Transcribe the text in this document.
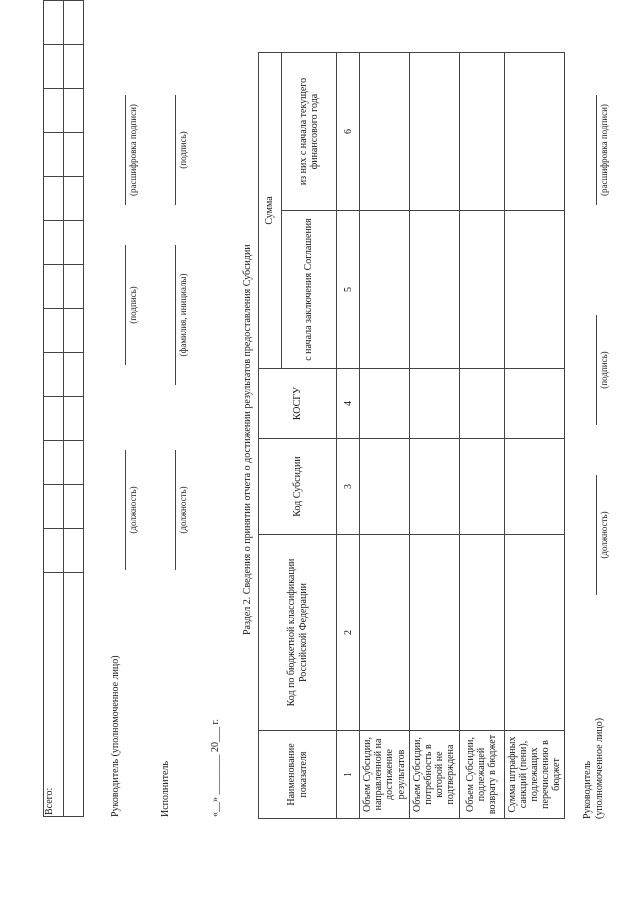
Всего:	Руководитель (уполномоченное лицо)
(должность)
(подпись)
(расшифровка подписи)
Исполнитель
(должность)
(фамилия, инициалы)
(подпись)
«__» ________ 20___ г.
Раздел 2. Сведения о принятии отчета о достижении результатов предоставления Субсидии
Наименование показателя	Код по бюджетной классификации Российской Федерации	Код Субсидии	КОСГУ	Сумма	
				с начала заключения Соглашения	из них с начала текущего финансового года
1	2	3	4	5	6
Объем Субсидии, направленной на достижение результатов					
Объем Субсидии, потребность в которой не подтверждена					
Объем Субсидии, подлежащей возврату в бюджет					
Сумма штрафных санкций (пени), подлежащих перечислению в бюджет					Руководитель (уполномоченное лицо)
(должность)
(подпись)
(расшифровка подписи)
